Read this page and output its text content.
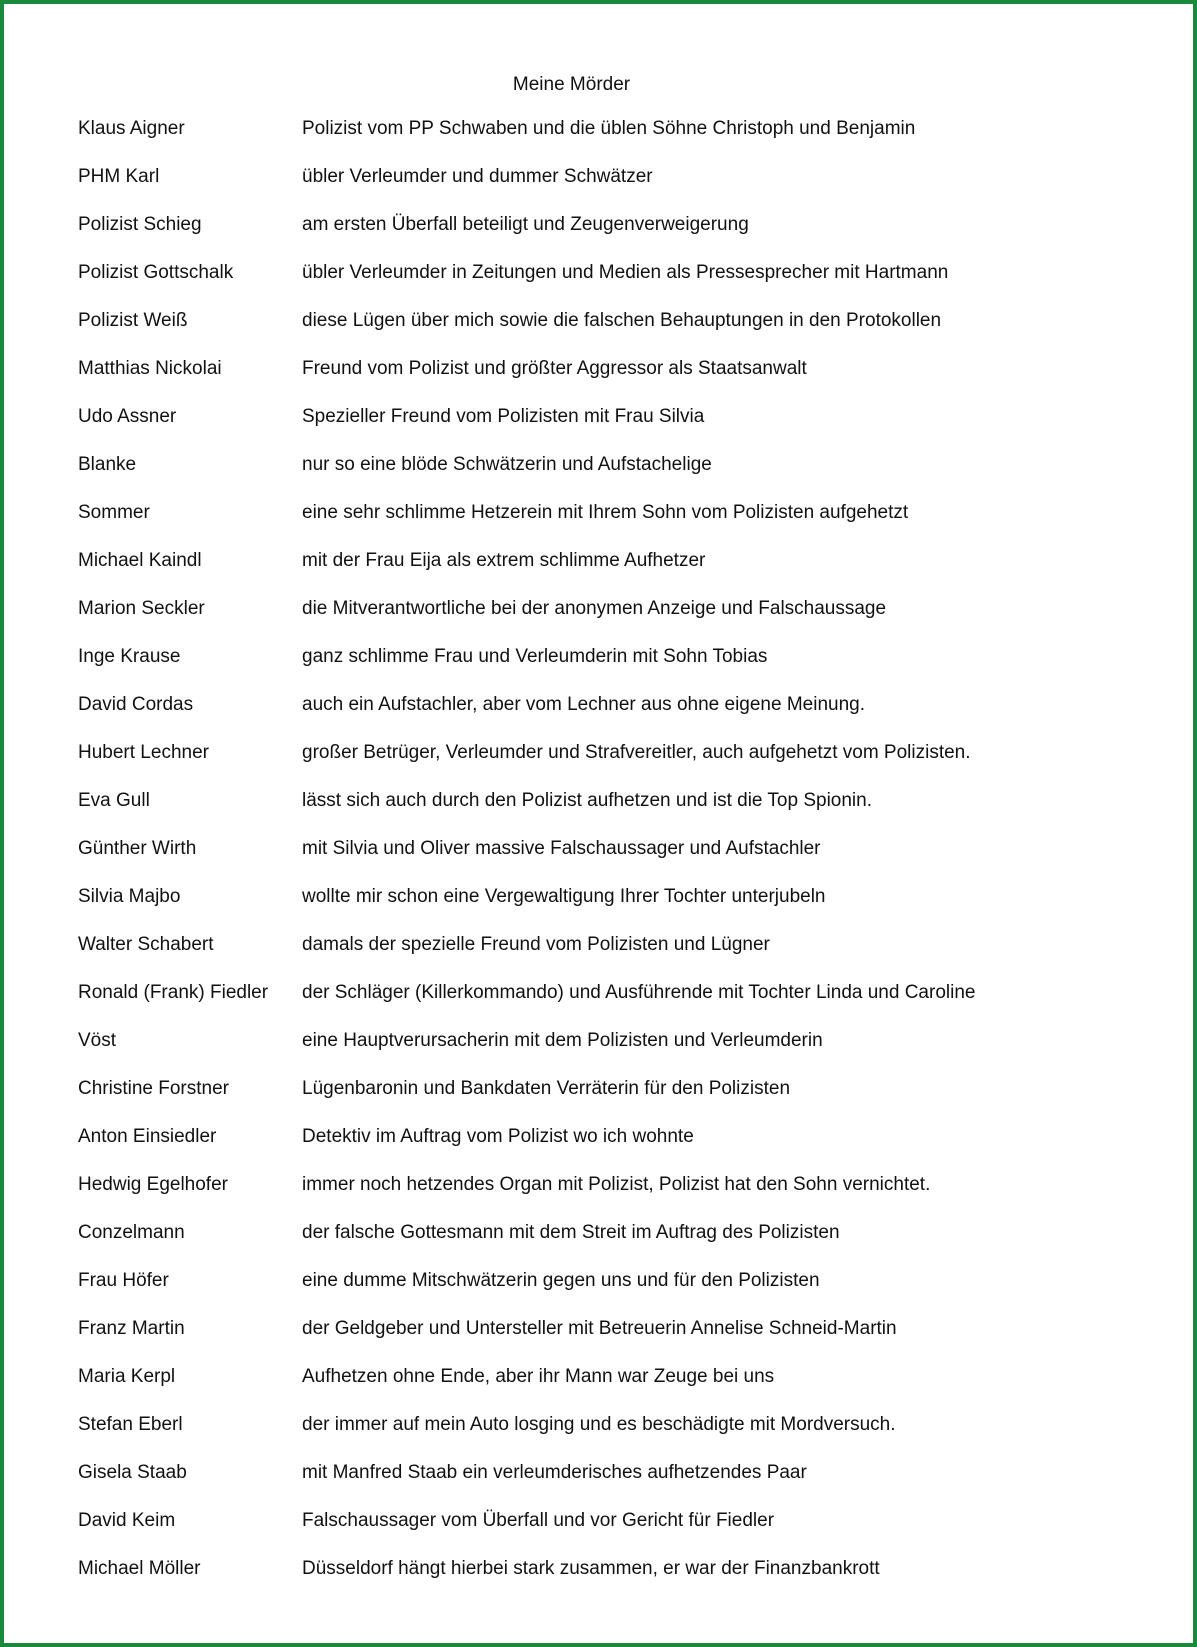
Meine Mörder
Klaus Aigner	Polizist vom PP Schwaben und die üblen Söhne Christoph und Benjamin
PHM Karl	übler Verleumder und dummer Schwätzer
Polizist Schieg	am ersten Überfall beteiligt und Zeugenverweigerung
Polizist Gottschalk	übler Verleumder in Zeitungen und Medien als Pressesprecher mit Hartmann
Polizist Weiß	diese Lügen über mich sowie die falschen Behauptungen in den Protokollen
Matthias Nickolai	Freund vom Polizist und größter Aggressor als Staatsanwalt
Udo Assner	Spezieller Freund vom Polizisten mit Frau Silvia
Blanke	nur so eine blöde Schwätzerin und Aufstachelige
Sommer	eine sehr schlimme Hetzerein mit Ihrem Sohn vom Polizisten aufgehetzt
Michael Kaindl	mit der Frau Eija als extrem schlimme Aufhetzer
Marion Seckler	die Mitverantwortliche bei der anonymen Anzeige und Falschaussage
Inge Krause	ganz schlimme Frau und Verleumderin mit Sohn Tobias
David Cordas	auch ein Aufstachler, aber vom Lechner aus ohne eigene Meinung.
Hubert Lechner	großer Betrüger, Verleumder und Strafvereitler, auch aufgehetzt vom Polizisten.
Eva Gull	lässt sich auch durch den Polizist aufhetzen und ist die Top Spionin.
Günther Wirth	mit Silvia und Oliver massive Falschaussager und Aufstachler
Silvia Majbo	wollte mir schon eine Vergewaltigung Ihrer Tochter unterjubeln
Walter Schabert	damals der spezielle Freund vom Polizisten und Lügner
Ronald (Frank) Fiedler	der Schläger (Killerkommando) und Ausführende mit Tochter Linda und Caroline
Vöst	eine Hauptverursacherin mit dem Polizisten und Verleumderin
Christine Forstner	Lügenbaronin und Bankdaten Verräterin für den Polizisten
Anton Einsiedler	Detektiv im Auftrag vom Polizist wo ich wohnte
Hedwig Egelhofer	immer noch hetzendes Organ mit Polizist, Polizist hat den Sohn vernichtet.
Conzelmann	der falsche Gottesmann mit dem Streit im Auftrag des Polizisten
Frau Höfer	eine dumme Mitschwätzerin gegen uns und für den Polizisten
Franz Martin	der Geldgeber und Untersteller mit Betreuerin Annelise Schneid-Martin
Maria Kerpl	Aufhetzen ohne Ende, aber ihr Mann war Zeuge bei uns
Stefan Eberl	der immer auf mein Auto losging und es beschädigte mit Mordversuch.
Gisela Staab	mit Manfred Staab ein verleumderisches aufhetzendes Paar
David Keim	Falschaussager vom Überfall und vor Gericht für Fiedler
Michael Möller	Düsseldorf hängt hierbei stark zusammen, er war der Finanzbankrott
